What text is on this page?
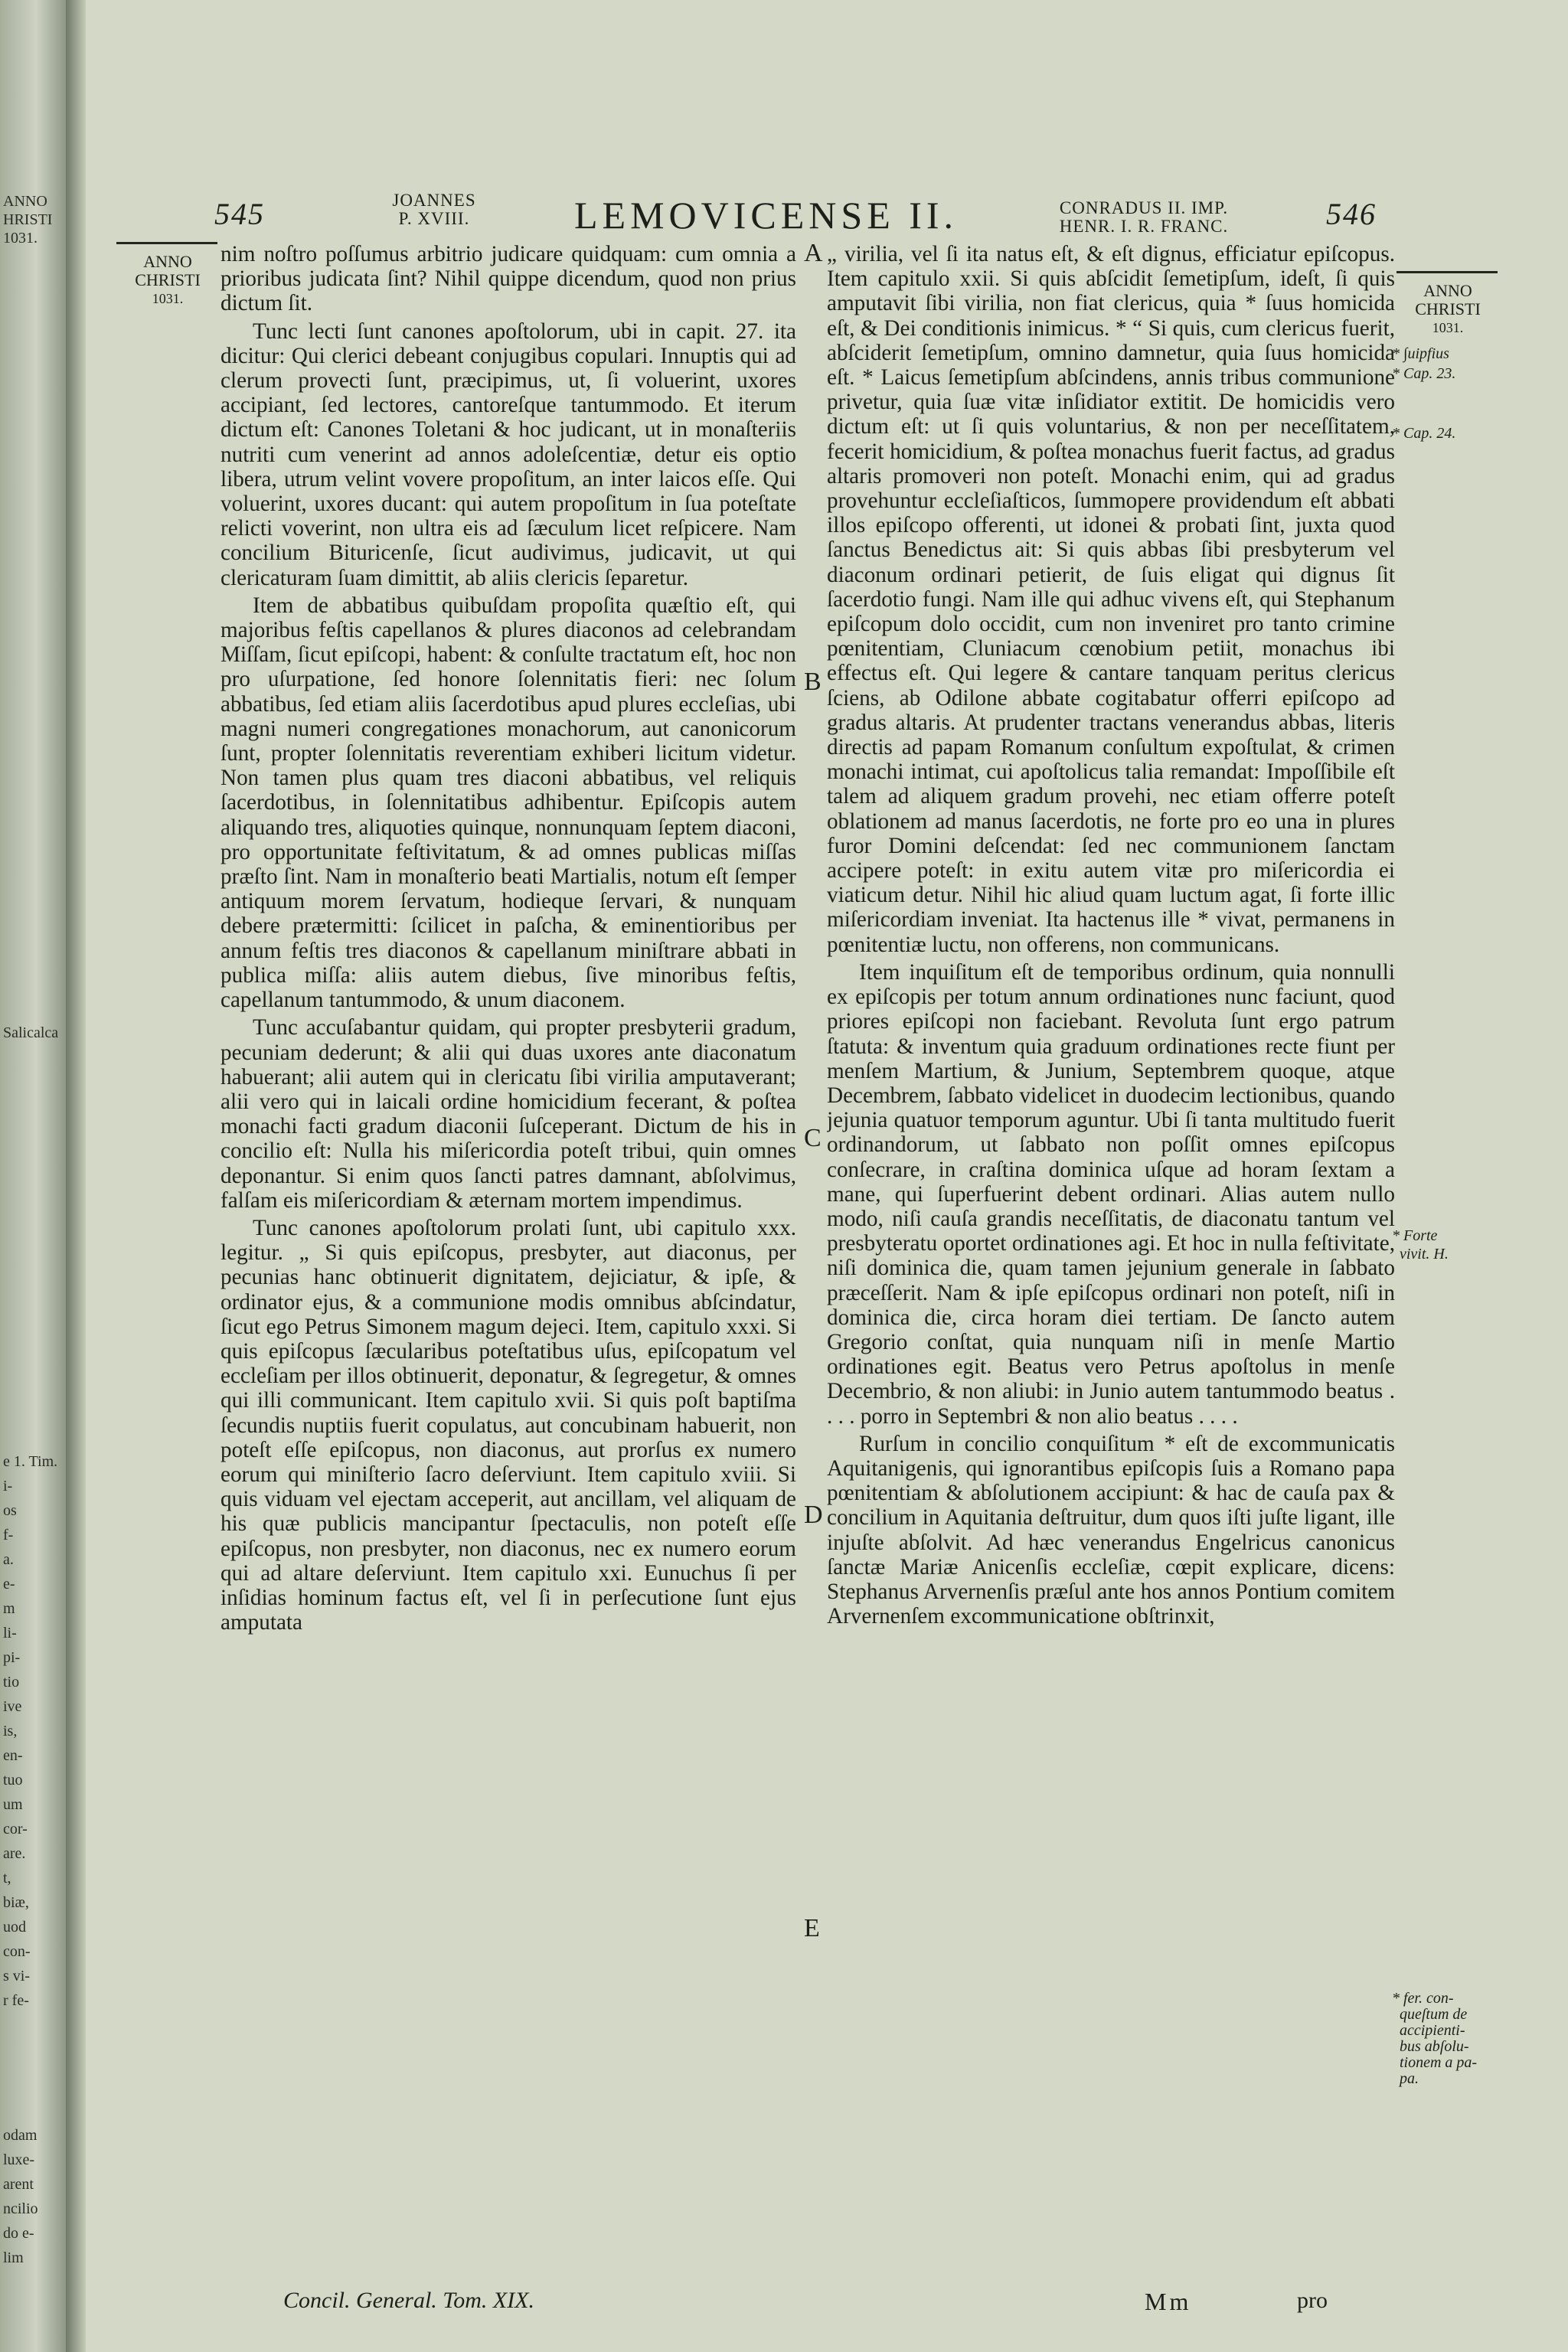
ANNO
HRISTI
1031.
Salicalca
e 1. Tim.
i-
os
f-
a.
e-
m
li-
pi-
tio
ive
is,
en-
tuo
um
cor-
are.
t,
biæ,
uod
con-
s vi-
r fe-
odam
luxe-
arent
ncilio
do e-
lim
545	JOANNES
P. XVIII.	LEMOVICENSE II.	CONRADUS II. IMP.
HENR. I. R. FRANC.	546
ANNO
CHRISTI
1031.

nim noſtro poſſumus arbitrio judicare quidquam: cum omnia a prioribus judicata ſint? Nihil quippe dicendum, quod non prius dictum ſit.

Tunc lecti ſunt canones apoſtolorum, ubi in capit. 27. ita dicitur: Qui clerici debeant conjugibus copulari. Innuptis qui ad clerum provecti ſunt, præcipimus, ut, ſi voluerint, uxores accipiant, ſed lectores, cantoreſque tantummodo. Et iterum dictum eſt: Canones Toletani & hoc judicant, ut in monaſteriis nutriti cum venerint ad annos adoleſcentiæ, detur eis optio libera, utrum velint vovere propoſitum, an inter laicos eſſe. Qui voluerint, uxores ducant: qui autem propoſitum in ſua poteſtate relicti voverint, non ultra eis ad ſæculum licet reſpicere. Nam concilium Bituricenſe, ſicut audivimus, judicavit, ut qui clericaturam ſuam dimittit, ab aliis clericis ſeparetur.

Item de abbatibus quibuſdam propoſita quæſtio eſt, qui majoribus feſtis capellanos & plures diaconos ad celebrandam Miſſam, ſicut epiſcopi, habent: & conſulte tractatum eſt, hoc non pro uſurpatione, ſed honore ſolennitatis fieri: nec ſolum abbatibus, ſed etiam aliis ſacerdotibus apud plures eccleſias, ubi magni numeri congregationes monachorum, aut canonicorum ſunt, propter ſolennitatis reverentiam exhiberi licitum videtur. Non tamen plus quam tres diaconi abbatibus, vel reliquis ſacerdotibus, in ſolennitatibus adhibentur. Epiſcopis autem aliquando tres, aliquoties quinque, nonnunquam ſeptem diaconi, pro opportunitate feſtivitatum, & ad omnes publicas miſſas præſto ſint. Nam in monaſterio beati Martialis, notum eſt ſemper antiquum morem ſervatum, hodieque ſervari, & nunquam debere prætermitti: ſcilicet in paſcha, & eminentioribus per annum feſtis tres diaconos & capellanum miniſtrare abbati in publica miſſa: aliis autem diebus, ſive minoribus feſtis, capellanum tantummodo, & unum diaconem.

Tunc accuſabantur quidam, qui propter presbyterii gradum, pecuniam dederunt; & alii qui duas uxores ante diaconatum habuerant; alii autem qui in clericatu ſibi virilia amputaverant; alii vero qui in laicali ordine homicidium fecerant, & poſtea monachi facti gradum diaconii ſuſceperant. Dictum de his in concilio eſt: Nulla his miſericordia poteſt tribui, quin omnes deponantur. Si enim quos ſancti patres damnant, abſolvimus, falſam eis miſericordiam & æternam mortem impendimus.

Tunc canones apoſtolorum prolati ſunt, ubi capitulo xxx. legitur. „ Si quis epiſcopus, presbyter, aut diaconus, per pecunias hanc obtinuerit dignitatem, dejiciatur, & ipſe, & ordinator ejus, & a communione modis omnibus abſcindatur, ſicut ego Petrus Simonem magum dejeci. Item, capitulo xxxi. Si quis epiſcopus ſæcularibus poteſtatibus uſus, epiſcopatum vel eccleſiam per illos obtinuerit, deponatur, & ſegregetur, & omnes qui illi communicant. Item capitulo xvii. Si quis poſt baptiſma ſecundis nuptiis fuerit copulatus, aut concubinam habuerit, non poteſt eſſe epiſcopus, non diaconus, aut prorſus ex numero eorum qui miniſterio ſacro deſerviunt. Item capitulo xviii. Si quis viduam vel ejectam acceperit, aut ancillam, vel aliquam de his quæ publicis mancipantur ſpectaculis, non poteſt eſſe epiſcopus, non presbyter, non diaconus, nec ex numero eorum qui ad altare deſerviunt. Item capitulo xxi. Eunuchus ſi per inſidias hominum factus eſt, vel ſi in perſecutione ſunt ejus amputata

A
B
C
D
E

„ virilia, vel ſi ita natus eſt, & eſt dignus, efficiatur epiſcopus. Item capitulo xxii. Si quis abſcidit ſemetipſum, ideſt, ſi quis amputavit ſibi virilia, non fiat clericus, quia * ſuus homicida eſt, & Dei conditionis inimicus. * “ Si quis, cum clericus fuerit, abſciderit ſemetipſum, omnino damnetur, quia ſuus homicida eſt. * Laicus ſemetipſum abſcindens, annis tribus communione privetur, quia ſuæ vitæ inſidiator extitit. De homicidis vero dictum eſt: ut ſi quis voluntarius, & non per neceſſitatem, fecerit homicidium, & poſtea monachus fuerit factus, ad gradus altaris promoveri non poteſt. Monachi enim, qui ad gradus provehuntur eccleſiaſticos, ſummopere providendum eſt abbati illos epiſcopo offerenti, ut idonei & probati ſint, juxta quod ſanctus Benedictus ait: Si quis abbas ſibi presbyterum vel diaconum ordinari petierit, de ſuis eligat qui dignus ſit ſacerdotio fungi. Nam ille qui adhuc vivens eſt, qui Stephanum epiſcopum dolo occidit, cum non inveniret pro tanto crimine pœnitentiam, Cluniacum cœnobium petiit, monachus ibi effectus eſt. Qui legere & cantare tanquam peritus clericus ſciens, ab Odilone abbate cogitabatur offerri epiſcopo ad gradus altaris. At prudenter tractans venerandus abbas, literis directis ad papam Romanum conſultum expoſtulat, & crimen monachi intimat, cui apoſtolicus talia remandat: Impoſſibile eſt talem ad aliquem gradum provehi, nec etiam offerre poteſt oblationem ad manus ſacerdotis, ne forte pro eo una in plures furor Domini deſcendat: ſed nec communionem ſanctam accipere poteſt: in exitu autem vitæ pro miſericordia ei viaticum detur. Nihil hic aliud quam luctum agat, ſi forte illic miſericordiam inveniat. Ita hactenus ille * vivat, permanens in pœnitentiæ luctu, non offerens, non communicans.

Item inquiſitum eſt de temporibus ordinum, quia nonnulli ex epiſcopis per totum annum ordinationes nunc faciunt, quod priores epiſcopi non faciebant. Revoluta ſunt ergo patrum ſtatuta: & inventum quia graduum ordinationes recte fiunt per menſem Martium, & Junium, Septembrem quoque, atque Decembrem, ſabbato videlicet in duodecim lectionibus, quando jejunia quatuor temporum aguntur. Ubi ſi tanta multitudo fuerit ordinandorum, ut ſabbato non poſſit omnes epiſcopus conſecrare, in craſtina dominica uſque ad horam ſextam a mane, qui ſuperfuerint debent ordinari. Alias autem nullo modo, niſi cauſa grandis neceſſitatis, de diaconatu tantum vel presbyteratu oportet ordinationes agi. Et hoc in nulla feſtivitate, niſi dominica die, quam tamen jejunium generale in ſabbato præceſſerit. Nam & ipſe epiſcopus ordinari non poteſt, niſi in dominica die, circa horam diei tertiam. De ſancto autem Gregorio conſtat, quia nunquam niſi in menſe Martio ordinationes egit. Beatus vero Petrus apoſtolus in menſe Decembrio, & non aliubi: in Junio autem tantummodo beatus . . . . porro in Septembri & non alio beatus . . . .

Rurſum in concilio conquiſitum * eſt de excommunicatis Aquitanigenis, qui ignorantibus epiſcopis ſuis a Romano papa pœnitentiam & abſolutionem accipiunt: & hac de cauſa pax & concilium in Aquitania deſtruitur, dum quos iſti juſte ligant, ille injuſte abſolvit. Ad hæc venerandus Engelricus canonicus ſanctæ Mariæ Anicenſis eccleſiæ, cœpit explicare, dicens: Stephanus Arvernenſis præſul ante hos annos Pontium comitem Arvernenſem excommunicatione obſtrinxit,

ANNO
CHRISTI
1031.
* ∫uipfius
* Cap. 23.
* Cap. 24.
* Forte
vivit. H.
* fer. con-
queſtum de
accipienti-
bus abſolu-
tionem a pa-
pa.
Concil. General. Tom. XIX.	Mm	pro
